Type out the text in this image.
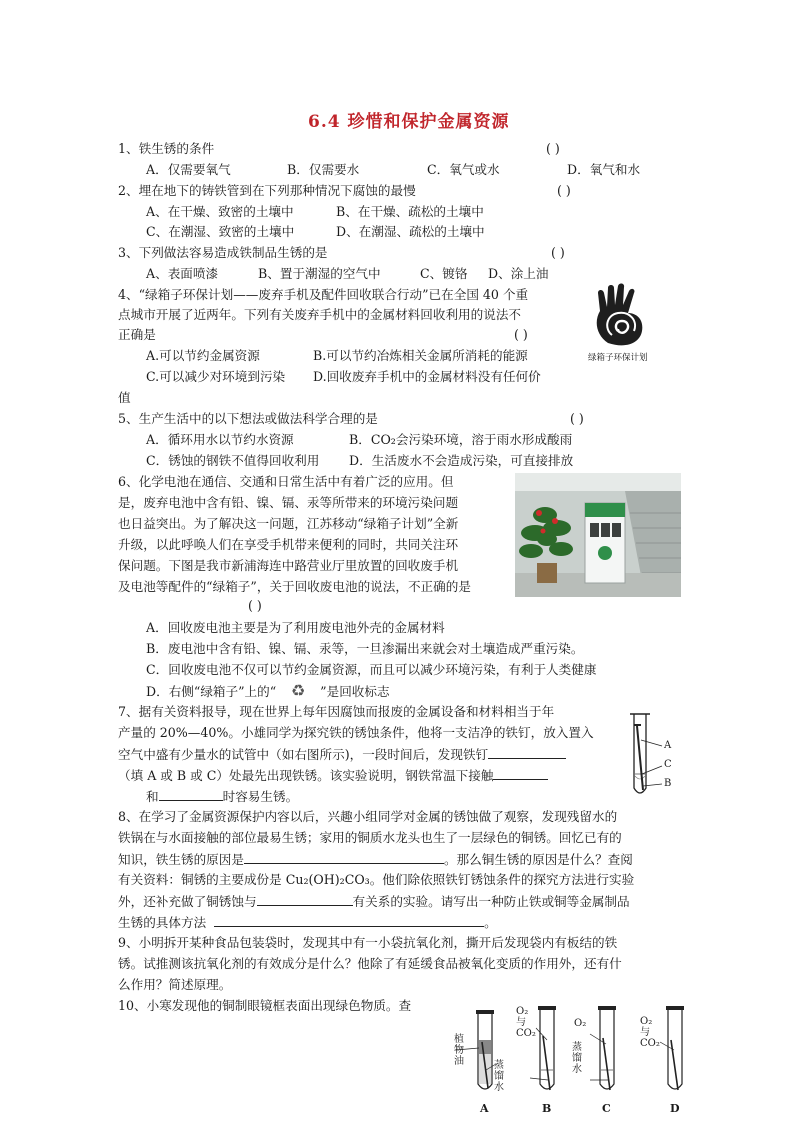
6.4 珍惜和保护金属资源
1、铁生锈的条件	( )
A．仅需要氧气	B．仅需要水	C．氧气或水	D．氧气和水
2、埋在地下的铸铁管到在下列那种情况下腐蚀的最慢	( )
A、在干燥、致密的土壤中	B、在干燥、疏松的土壤中
C、在潮湿、致密的土壤中	D、在潮湿、疏松的土壤中
3、下列做法容易造成铁制品生锈的是	( )
A、表面喷漆	B、置于潮湿的空气中	C、镀铬 D、涂上油
4、“绿箱子环保计划——废弃手机及配件回收联合行动”已在全国 40 个重
点城市开展了近两年。下列有关废弃手机中的金属材料回收利用的说法不
正确是	( )
A.可以节约金属资源	B.可以节约冶炼相关金属所消耗的能源
C.可以减少对环境到污染 D.回收废弃手机中的金属材料没有任何价
值
绿箱子环保计划
5、生产生活中的以下想法或做法科学合理的是	( )
A．循环用水以节约水资源	B．CO₂会污染环境，溶于雨水形成酸雨
C．锈蚀的钢铁不值得回收利用 D．生活废水不会造成污染，可直接排放
6、化学电池在通信、交通和日常生活中有着广泛的应用。但
是，废弃电池中含有铅、镍、镉、汞等所带来的环境污染问题
也日益突出。为了解决这一问题，江苏移动“绿箱子计划”全新
升级，以此呼唤人们在享受手机带来便利的同时，共同关注环
保问题。下图是我市新浦海连中路营业厅里放置的回收废手机
及电池等配件的“绿箱子”，关于回收废电池的说法，不正确的是
( )
A．回收废电池主要是为了利用废电池外壳的金属材料
B．废电池中含有铅、镍、镉、汞等，一旦渗漏出来就会对土壤造成严重污染。
C．回收废电池不仅可以节约金属资源，而且可以减少环境污染，有利于人类健康
D．右侧“绿箱子”上的“ ♻ ”是回收标志
7、据有关资料报导，现在世界上每年因腐蚀而报废的金属设备和材料相当于年
产量的 20%—40%。小雄同学为探究铁的锈蚀条件，他将一支洁净的铁钉，放入置入
空气中盛有少量水的试管中（如右图所示)，一段时间后，发现铁钉
（填 A 或 B 或 C）处最先出现铁锈。该实验说明，钢铁常温下接触
和	时容易生锈。
A
C
B
8、在学习了金属资源保护内容以后，兴趣小组同学对金属的锈蚀做了观察，发现残留水的
铁锅在与水面接触的部位最易生锈；家用的铜质水龙头也生了一层绿色的铜锈。回忆已有的
知识，铁生锈的原因是	。那么铜生锈的原因是什么？查阅
有关资料：铜锈的主要成份是 Cu₂(OH)₂CO₃。他们除依照铁钉锈蚀条件的探究方法进行实验
外，还补充做了铜锈蚀与	有关系的实验。请写出一种防止铁或铜等金属制品
生锈的具体方法	。
9、小明拆开某种食品包装袋时，发现其中有一小袋抗氧化剂，撕开后发现袋内有板结的铁
锈。试推测该抗氧化剂的有效成分是什么？他除了有延缓食品被氧化变质的作用外，还有什
么作用？简述原理。
10、小寒发现他的铜制眼镜框表面出现绿色物质。查
植
物
油	蒸
馏
水
O₂
与
CO₂
O₂
蒸
馏
水
O₂
与
CO₂
A	B	C	D
